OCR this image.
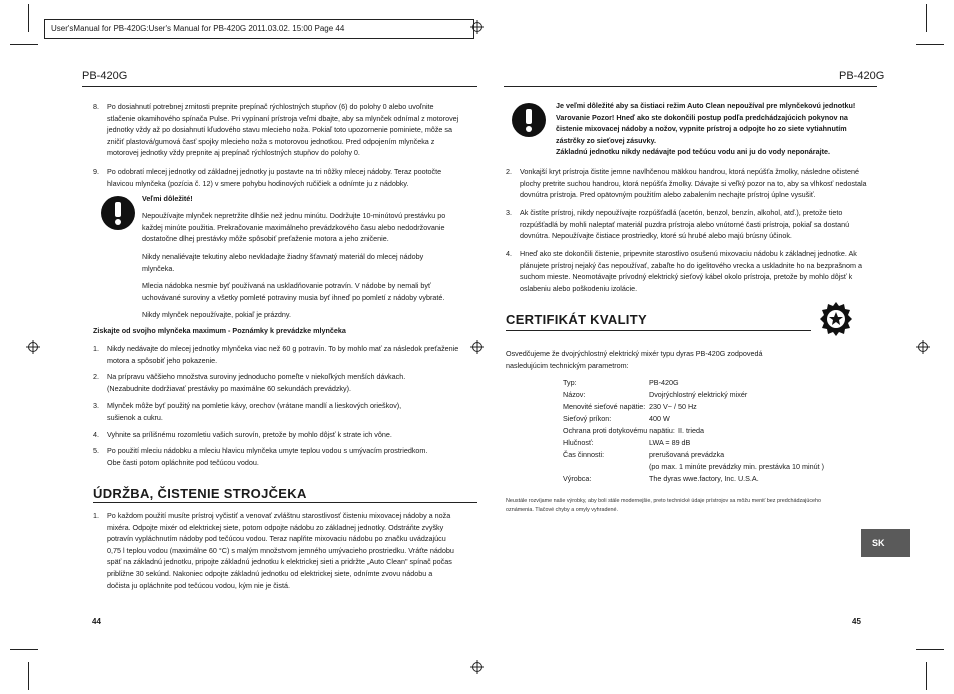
User'sManual for PB-420G:User's Manual for PB-420G 2011.03.02. 15:00 Page 44
PB-420G
8. Po dosiahnutí potrebnej zrnitosti prepnite prepínač rýchlostných stupňov (6) do polohy 0 alebo uvoľnite
stlačenie okamihového spínača Pulse. Pri vypínaní prístroja veľmi dbajte, aby sa mlynček odnímal z motorovej
jednotky vždy až po dosiahnutí kľudového stavu mlecieho noža. Pokiaľ toto upozornenie pominiete, môže sa
zničiť plastová/gumová časť spojky mlecieho noža s motorovou jednotkou. Pred odpojením mlynčeka z
motorovej jednotky vždy prepnite aj prepínač rýchlostných stupňov do polohy 0.
9. Po odobratí mlecej jednotky od základnej jednotky ju postavte na tri nôžky mlecej nádoby. Teraz pootočte
hlavicou mlynčeka (pozícia č. 12) v smere pohybu hodinových ručičiek a odnímte ju z nádobky.
Veľmi dôležité!
Nepoužívajte mlynček nepretržite dlhšie než jednu minútu. Dodržujte 10-minútovú prestávku po
každej minúte použitia. Prekračovanie maximálneho prevádzkového času alebo nedodržovanie
dostatočne dlhej prestávky môže spôsobiť preťaženie motora a jeho zničenie.
Nikdy nenaliévajte tekutiny alebo nevkladajte žiadny šťavnatý materiál do mlecej nádoby
mlynčeka.
Mlecia nádobka nesmie byť používaná na uskladňovanie potravín. V nádobe by nemali byť
uchovávané suroviny a všetky pomleté potraviny musia byť ihneď po pomletí z nádoby vybraté.
Nikdy mlynček nepoužívajte, pokiaľ je prázdny.
Ziskajte od svojho mlynčeka maximum - Poznámky k prevádzke mlynčeka
1. Nikdy nedávajte do mlecej jednotky mlynčeka viac než 60 g potravín. To by mohlo mať za následok preťaženie
motora a spôsobiť jeho pokazenie.
2. Na prípravu väčšieho množstva suroviny jednoducho pomeľte v niekoľkých menších dávkach.
(Nezabudnite dodržiavať prestávky po maximálne 60 sekundách prevádzky).
3. Mlynček môže byť použitý na pomletie kávy, orechov (vrátane mandlí a lieskových orieškov),
sušienok a cukru.
4. Vyhnite sa prílišnému rozomletiu vašich surovín, pretože by mohlo dôjsť k strate ich vône.
5. Po použití mleciu nádobku a mleciu hlavicu mlynčeka umyte teplou vodou s umývacím prostriedkom.
Obe časti potom opláchnite pod tečúcou vodou.
ÚDRŽBA, ČISTENIE STROJČEKA
1. Po každom použití musíte prístroj vyčistiť a venovať zvláštnu starostlivosť čisteniu mixovacej nádoby a noža
mixéra. Odpojte mixér od elektrickej siete, potom odpojte nádobu zo základnej jednotky. Odstráňte zvyšky
potravín vypláchnutím nádoby pod tečúcou vodou. Teraz naplňte mixovaciu nádobu po značku uvádzajúcu
0,75 l teplou vodou (maximálne 60 °C) s malým množstvom jemného umývacieho prostriedku. Vráťte nádobu
späť na základnú jednotku, pripojte základnú jednotku k elektrickej sieti a pridržte „Auto Clean" spínač počas
približne 30 sekúnd. Nakoniec odpojte základnú jednotku od elektrickej siete, odnímte zvovu nádobu a
dočista ju opláchnite pod tečúcou vodou, kým nie je čistá.
44
PB-420G
Je veľmi dôležité aby sa čistiaci režim Auto Clean nepoužíval pre mlynčekovú jednotku!
Varovanie Pozor! Hneď ako ste dokončili postup podľa predchádzajúcich pokynov na
čistenie mixovacej nádoby a nožov, vypnite prístroj a odpojte ho zo siete vytiahnutím
zástrčky zo sieťovej zásuvky.
Základnú jednotku nikdy nedávajte pod tečúcu vodu ani ju do vody neponárajte.
2. Vonkajší kryt prístroja čistite jemne navlhčenou mäkkou handrou, ktorá nepúšťa žmolky, následne očistené
plochy pretrite suchou handrou, ktorá nepúšťa žmolky. Dávajte si veľký pozor na to, aby sa vlhkosť nedostala
dovnútra prístroja. Pred opätovným použitím alebo zabalením nechajte prístroj úplne vysušiť.
3. Ak čistíte prístroj, nikdy nepoužívajte rozpúšťadlá (acetón, benzol, benzín, alkohol, atď.), pretože tieto
rozpúšťadlá by mohli naleptať materiál puzdra prístroja alebo vnútorné časti prístroja, pokiaľ sa dostanú
dovnútra. Nepoužívajte čistiace prostriedky, ktoré sú hrubé alebo majú brúsny účinok.
4. Hneď ako ste dokončili čistenie, pripevnite starostlivo osušenú mixovaciu nádobu k základnej jednotke. Ak
plánujete prístroj nejaký čas nepoužívať, zabaľte ho do igelitového vrecka a uskladnite ho na bezprašnom a
suchom mieste. Neomotávajte prívodný elektrický sieťový kábel okolo prístroja, pretože by mohlo dôjsť k
oslabeniu alebo poškodeniu izolácie.
CERTIFIKÁT KVALITY
Osvedčujeme že dvojrýchlostný elektrický mixér typu dyras PB-420G zodpovedá
nasledujúcim technickým parametrom:
Typ:	PB-420G
Názov:	Dvojrýchlostný elektrický mixér
Menovité sieťové napätie: 230 V~ / 50 Hz
Sieťový príkon:	400 W
Ochrana proti dotykovému napätiu: II. trieda
Hlučnosť:	LWA = 89 dB
Čas činnosti:	prerušovaná prevádzka
(po max. 1 minúte prevádzky min. prestávka 10 minút )
Výrobca:	The dyras wwe.factory, Inc. U.S.A.
Neustále rozvíjame naše výrobky, aby boli stále modernejšie, preto technické údaje prístrojov sa môžu meniť bez predchádzajúceho
oznámenia. Tlačové chyby a omyly vyhradené.
SK
45
